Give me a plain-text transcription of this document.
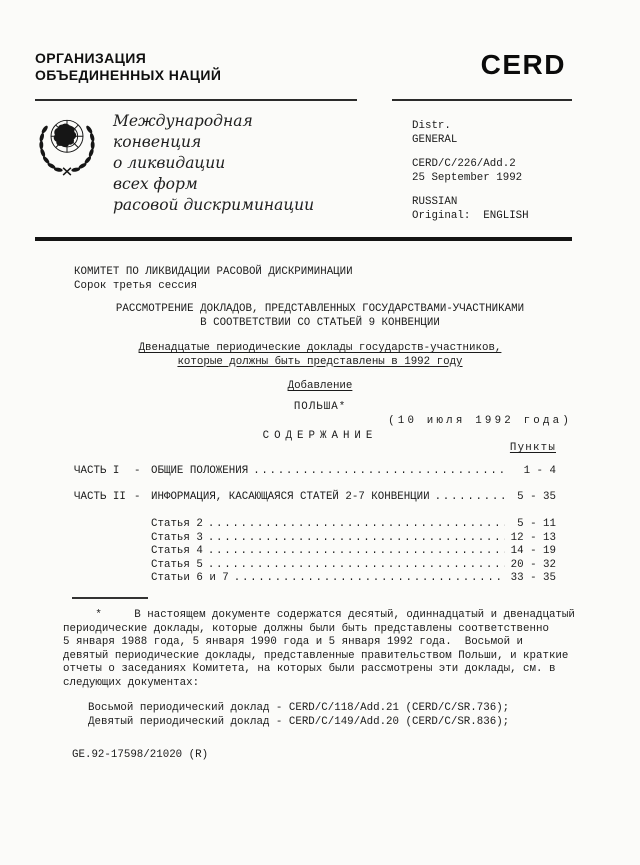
ОРГАНИЗАЦИЯ
ОБЪЕДИНЕННЫХ НАЦИЙ	CERD
Международная
конвенция
о ликвидации
всех форм
расовой дискриминации
Distr.
GENERAL
CERD/C/226/Add.2
25 September 1992
RUSSIAN
Original:  ENGLISH
КОМИТЕТ ПО ЛИКВИДАЦИИ РАСОВОЙ ДИСКРИМИНАЦИИ
Сорок третья сессия
РАССМОТРЕНИЕ ДОКЛАДОВ, ПРЕДСТАВЛЕННЫХ ГОСУДАРСТВАМИ-УЧАСТНИКАМИ
В СООТВЕТСТВИИ СО СТАТЬЕЙ 9 КОНВЕНЦИИ
Двенадцатые периодические доклады государств-участников,
которые должны быть представлены в 1992 году
Добавление
ПОЛЬША*
(10 июля 1992 года)
СОДЕРЖАНИЕ
Пункты
ЧАСТЬ I	- ОБЩИЕ ПОЛОЖЕНИЯ .....	1 - 4
ЧАСТЬ II - ИНФОРМАЦИЯ, КАСАЮЩАЯСЯ СТАТЕЙ 2-7 КОНВЕНЦИИ .....	5 - 35
Статья 2 .....	5 - 11
Статья 3 .....	12 - 13
Статья 4 .....	14 - 19
Статья 5 .....	20 - 32
Статьи 6 и 7 .....	33 - 35
*     В настоящем документе содержатся десятый, одиннадцатый и двенадцатый
периодические доклады, которые должны были быть представлены соответственно
5 января 1988 года, 5 января 1990 года и 5 января 1992 года.  Восьмой и
девятый периодические доклады, представленные правительством Польши, и краткие
отчеты о заседаниях Комитета, на которых были рассмотрены эти доклады, см. в
следующих документах:
Восьмой периодический доклад - CERD/C/118/Add.21 (CERD/C/SR.736);
Девятый периодический доклад - CERD/C/149/Add.20 (CERD/C/SR.836);
GE.92-17598/21020 (R)
